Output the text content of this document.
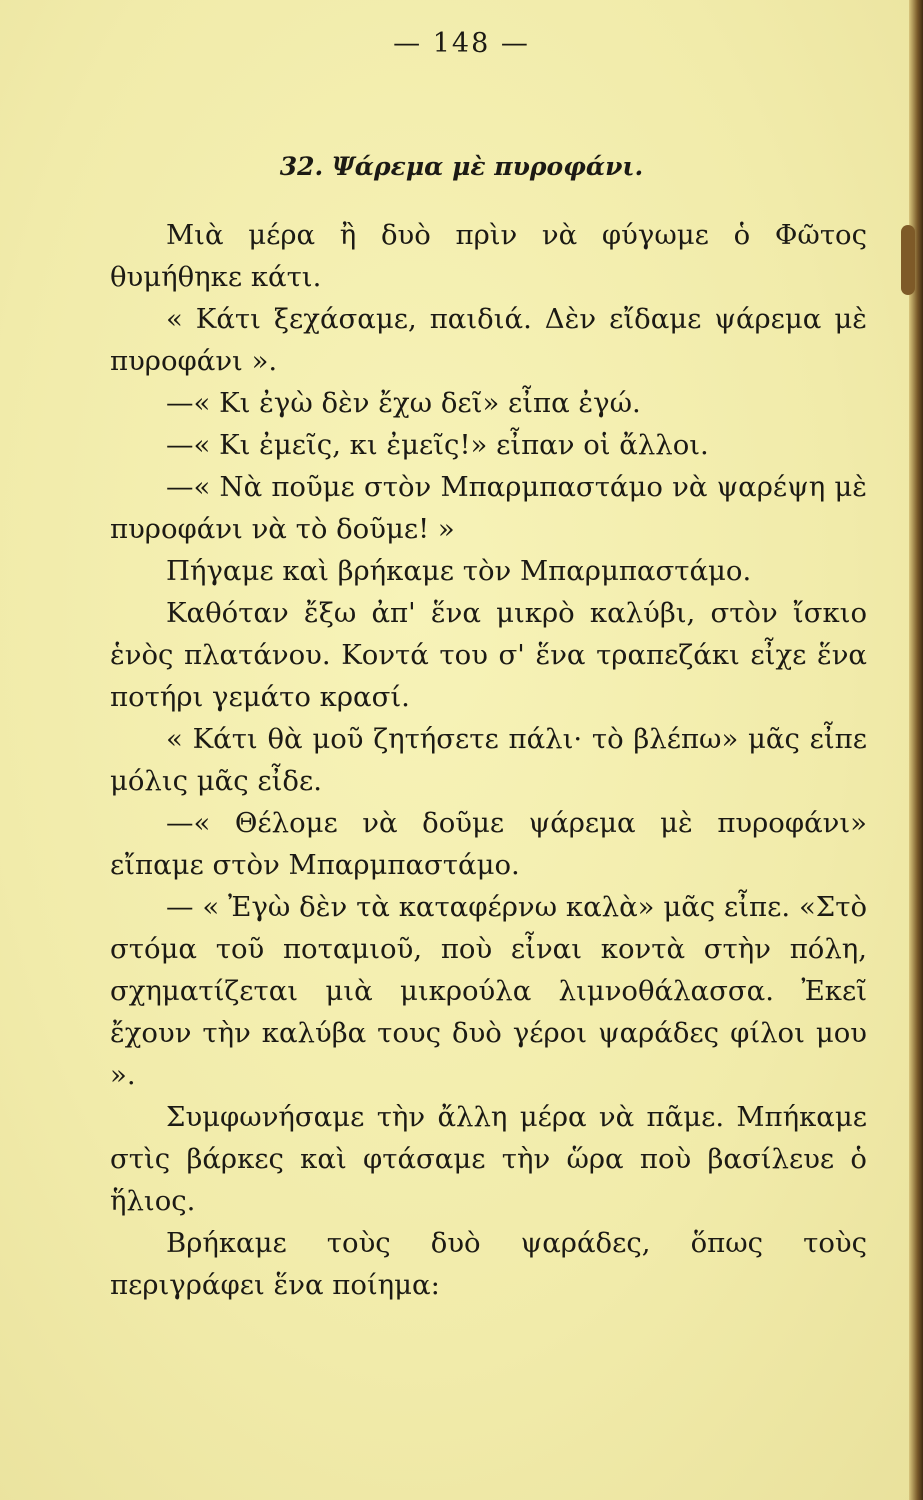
— 148 —
32. Ψάρεμα μὲ πυροφάνι.

Μιὰ μέρα ἢ δυὸ πρὶν νὰ φύγωμε ὁ Φῶτος θυμήθηκε κάτι.

« Κάτι ξεχάσαμε, παιδιά. Δὲν εἴδαμε ψάρεμα μὲ πυροφάνι ».

—« Κι ἐγὼ δὲν ἔχω δεῖ» εἶπα ἐγώ.

—« Κι ἐμεῖς, κι ἐμεῖς!» εἶπαν οἱ ἄλλοι.

—« Νὰ ποῦμε στὸν Μπαρμπαστάμο νὰ ψαρέψη μὲ πυροφάνι νὰ τὸ δοῦμε! »

Πήγαμε καὶ βρήκαμε τὸν Μπαρμπαστάμο.

Καθόταν ἔξω ἀπ' ἕνα μικρὸ καλύβι, στὸν ἴσκιο ἑνὸς πλατάνου. Κοντά του σ' ἕνα τραπεζάκι εἶχε ἕνα ποτήρι γεμάτο κρασί.

« Κάτι θὰ μοῦ ζητήσετε πάλι· τὸ βλέπω» μᾶς εἶπε μόλις μᾶς εἶδε.

—« Θέλομε νὰ δοῦμε ψάρεμα μὲ πυροφάνι» εἴπαμε στὸν Μπαρμπαστάμο.

— « Ἐγὼ δὲν τὰ καταφέρνω καλὰ» μᾶς εἶπε. «Στὸ στόμα τοῦ ποταμιοῦ, ποὺ εἶναι κοντὰ στὴν πόλη, σχηματίζεται μιὰ μικρούλα λιμνοθάλασσα. Ἐκεῖ ἔχουν τὴν καλύβα τους δυὸ γέροι ψαράδες φίλοι μου ».

Συμφωνήσαμε τὴν ἄλλη μέρα νὰ πᾶμε. Μπήκαμε στὶς βάρκες καὶ φτάσαμε τὴν ὥρα ποὺ βασίλευε ὁ ἥλιος.

Βρήκαμε τοὺς δυὸ ψαράδες, ὅπως τοὺς περιγράφει ἕνα ποίημα:
